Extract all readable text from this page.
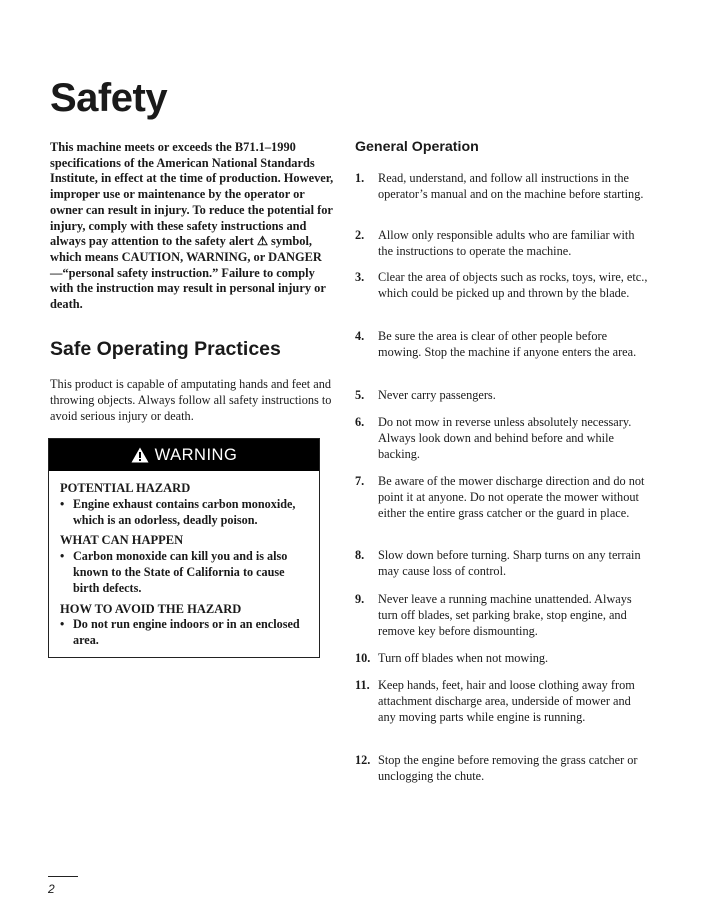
Safety

This machine meets or exceeds the B71.1–1990 specifications of the American National Standards Institute, in effect at the time of production. However, improper use or maintenance by the operator or owner can result in injury. To reduce the potential for injury, comply with these safety instructions and always pay attention to the safety alert ⚠ symbol, which means CAUTION, WARNING, or DANGER—“personal safety instruction.” Failure to comply with the instruction may result in personal injury or death.

Safe Operating Practices

This product is capable of amputating hands and feet and throwing objects. Always follow all safety instructions to avoid serious injury or death.

WARNING

POTENTIAL HAZARD

• Engine exhaust contains carbon monoxide, which is an odorless, deadly poison.

WHAT CAN HAPPEN

• Carbon monoxide can kill you and is also known to the State of California to cause birth defects.

HOW TO AVOID THE HAZARD

• Do not run engine indoors or in an enclosed area.
General Operation
1.	Read, understand, and follow all instructions in the operator’s manual and on the machine before starting.
2.	Allow only responsible adults who are familiar with the instructions to operate the machine.
3.	Clear the area of objects such as rocks, toys, wire, etc., which could be picked up and thrown by the blade.
4.	Be sure the area is clear of other people before mowing. Stop the machine if anyone enters the area.
5.	Never carry passengers.
6.	Do not mow in reverse unless absolutely necessary. Always look down and behind before and while backing.
7.	Be aware of the mower discharge direction and do not point it at anyone. Do not operate the mower without either the entire grass catcher or the guard in place.
8.	Slow down before turning. Sharp turns on any terrain may cause loss of control.
9.	Never leave a running machine unattended. Always turn off blades, set parking brake, stop engine, and remove key before dismounting.
10. Turn off blades when not mowing.
11. Keep hands, feet, hair and loose clothing away from attachment discharge area, underside of mower and any moving parts while engine is running.
12. Stop the engine before removing the grass catcher or unclogging the chute.
2
